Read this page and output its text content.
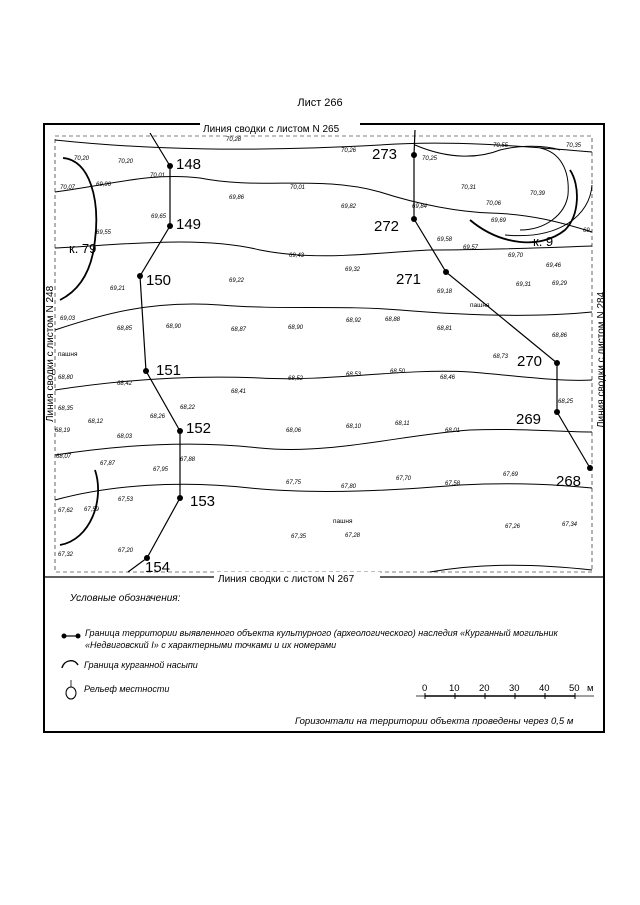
Лист 266
148
149
150
151
152
153
154
268
269
270
271
272
273
к. 79	к. 9
пашня
пашня
пашня
70,28
70,20
70,26
70,25
70,55	70,35
70,20
70,01
70,07	69,96
69,86
70,01
69,82	69,84
70,31
70,06
70,39
69,65
69,55
69,43
69,32
69,58
69,57
69,69
69,70
69,46
69,
69,21
69,22
69,18
69,31	69,29
69,03
68,85	68,90	68,87	68,90
68,92	68,88
68,81
68,86
68,80
68,42
68,41
68,52
68,53	68,50
68,46
68,73
68,35
68,12
68,26
68,22
68,03
68,19	68,06
68,10	68,11
68,01
68,25
68,07
67,87
67,95
67,88
67,75
67,80
67,70
67,58
67,69
67,62
67,53
67,59
67,35	67,28
67,26	67,34
67,32
67,20
Линия сводки с листом N 265
Линия сводки с листом N 267
Линия сводки с листом N 248	Линия сводки с листом N 284
0 10 20 30 40 50 м
Условные обозначения:
Граница территории выявленного объекта культурного (археологического) наследия «Курганный могильник «Недвиговский I» с характерными точками и их номерами
Граница курганной насыпи
Рельеф местности
Горизонтали на территории объекта проведены через 0,5 м
